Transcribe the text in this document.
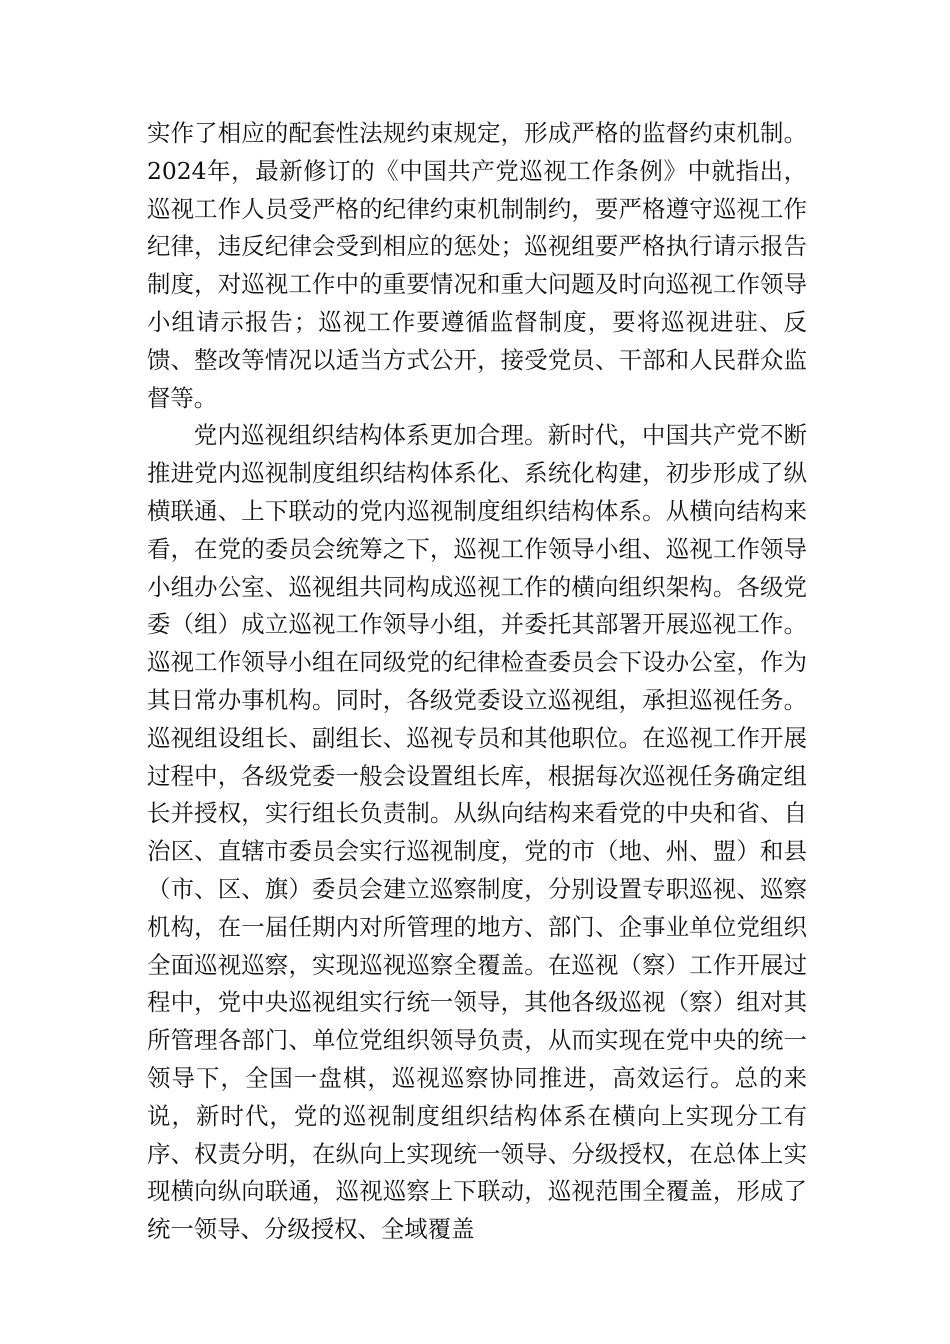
实作了相应的配套性法规约束规定，形成严格的监督约束机制。2024年，最新修订的《中国共产党巡视工作条例》中就指出，巡视工作人员受严格的纪律约束机制制约，要严格遵守巡视工作纪律，违反纪律会受到相应的惩处；巡视组要严格执行请示报告制度，对巡视工作中的重要情况和重大问题及时向巡视工作领导小组请示报告；巡视工作要遵循监督制度，要将巡视进驻、反馈、整改等情况以适当方式公开，接受党员、干部和人民群众监督等。

党内巡视组织结构体系更加合理。新时代，中国共产党不断推进党内巡视制度组织结构体系化、系统化构建，初步形成了纵横联通、上下联动的党内巡视制度组织结构体系。从横向结构来看，在党的委员会统筹之下，巡视工作领导小组、巡视工作领导小组办公室、巡视组共同构成巡视工作的横向组织架构。各级党委（组）成立巡视工作领导小组，并委托其部署开展巡视工作。巡视工作领导小组在同级党的纪律检查委员会下设办公室，作为其日常办事机构。同时，各级党委设立巡视组，承担巡视任务。巡视组设组长、副组长、巡视专员和其他职位。在巡视工作开展过程中，各级党委一般会设置组长库，根据每次巡视任务确定组长并授权，实行组长负责制。从纵向结构来看党的中央和省、自治区、直辖市委员会实行巡视制度，党的市（地、州、盟）和县（市、区、旗）委员会建立巡察制度，分别设置专职巡视、巡察机构，在一届任期内对所管理的地方、部门、企事业单位党组织全面巡视巡察，实现巡视巡察全覆盖。在巡视（察）工作开展过程中，党中央巡视组实行统一领导，其他各级巡视（察）组对其所管理各部门、单位党组织领导负责，从而实现在党中央的统一领导下，全国一盘棋，巡视巡察协同推进，高效运行。总的来说，新时代，党的巡视制度组织结构体系在横向上实现分工有序、权责分明，在纵向上实现统一领导、分级授权，在总体上实现横向纵向联通，巡视巡察上下联动，巡视范围全覆盖，形成了统一领导、分级授权、全域覆盖
